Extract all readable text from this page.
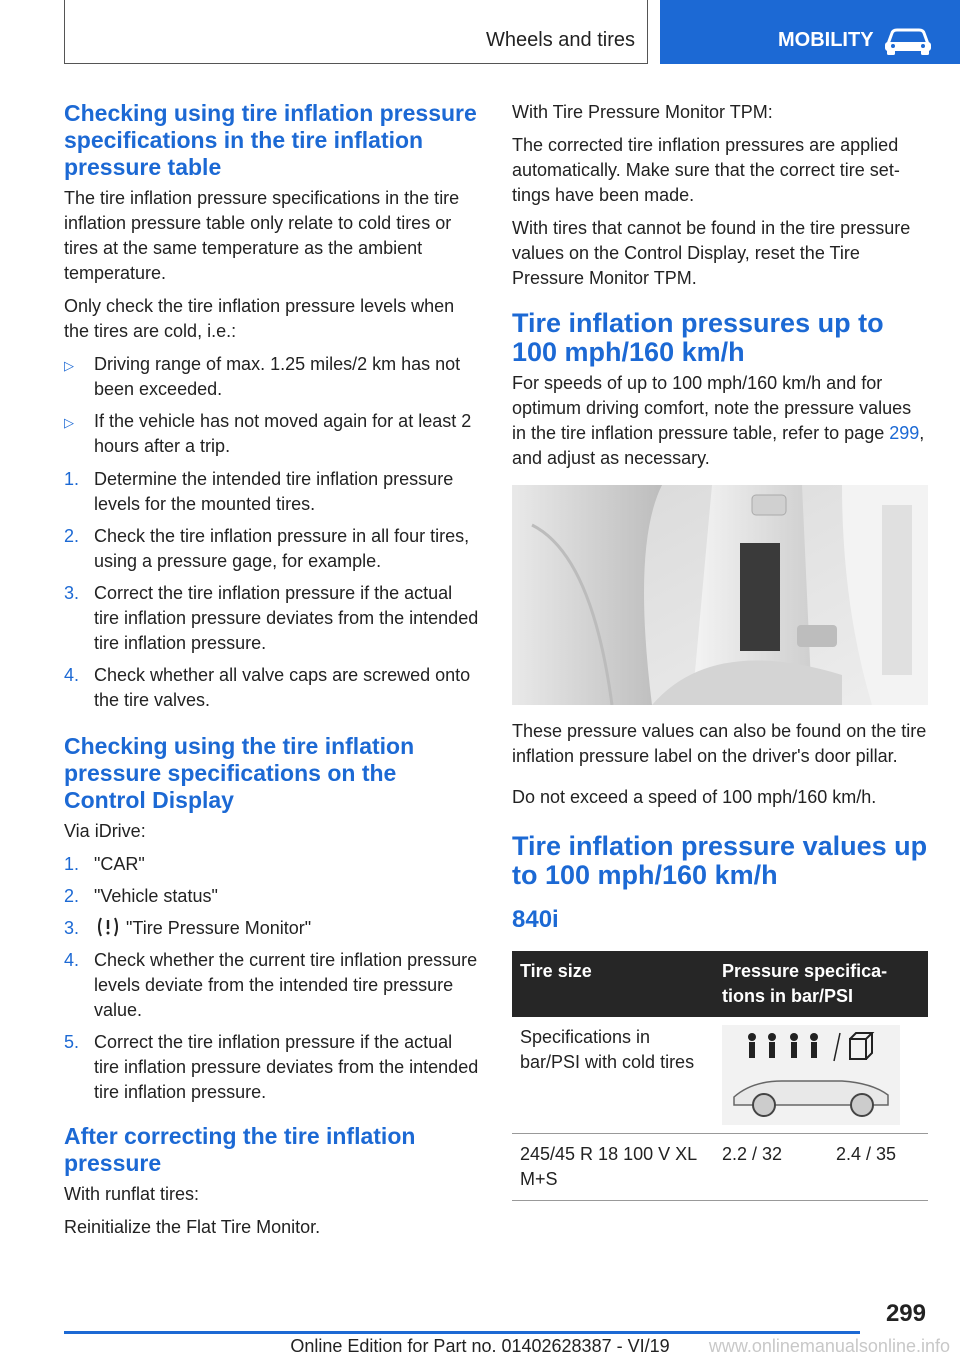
Wheels and tires	MOBILITY
Checking using tire inflation pressure specifications in the tire inflation pressure table

The tire inflation pressure specifications in the tire inflation pressure table only relate to cold tires or tires at the same temperature as the ambient temperature.

Only check the tire inflation pressure levels when the tires are cold, i.e.:

▷ Driving range of max. 1.25 miles/2 km has not been exceeded.
▷ If the vehicle has not moved again for at least 2 hours after a trip.
1. Determine the intended tire inflation pressure levels for the mounted tires.
2. Check the tire inflation pressure in all four tires, using a pressure gage, for example.
3. Correct the tire inflation pressure if the actual tire inflation pressure deviates from the intended tire inflation pressure.
4. Check whether all valve caps are screwed onto the tire valves.
Checking using the tire inflation pressure specifications on the Control Display

Via iDrive:

1. "CAR"
2. "Vehicle status"
3.	"Tire Pressure Monitor"
4. Check whether the current tire inflation pressure levels deviate from the intended tire pressure value.
5. Correct the tire inflation pressure if the actual tire inflation pressure deviates from the intended tire inflation pressure.
After correcting the tire inflation pressure

With runflat tires:

Reinitialize the Flat Tire Monitor.

With Tire Pressure Monitor TPM:

The corrected tire inflation pressures are applied automatically. Make sure that the correct tire settings have been made.

With tires that cannot be found in the tire pressure values on the Control Display, reset the Tire Pressure Monitor TPM.

Tire inflation pressures up to 100 mph/160 km/h

For speeds of up to 100 mph/160 km/h and for optimum driving comfort, note the pressure values in the tire inflation pressure table, refer to page 299, and adjust as necessary.

These pressure values can also be found on the tire inflation pressure label on the driver's door pillar.

Do not exceed a speed of 100 mph/160 km/h.

Tire inflation pressure values up to 100 mph/160 km/h
840i
Tire size	Pressure specifications in bar/PSI	
Specifications in bar/PSI with cold tires	

245/45 R 18 100 V XL M+S	2.2 / 32	2.4 / 35
299
Online Edition for Part no. 01402628387 - VI/19	www.onlinemanualsonline.info
